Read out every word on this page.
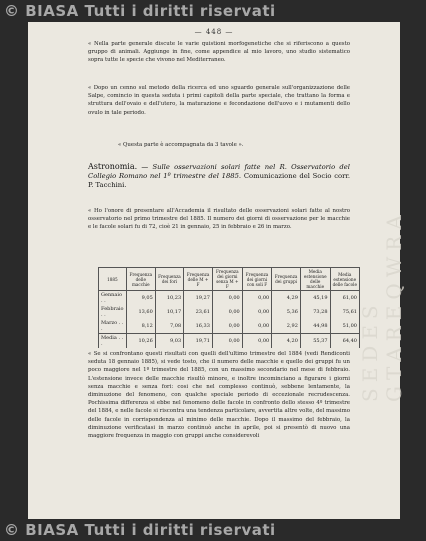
© BIASA Tutti i diritti riservati
SEDES GTAREQWRA
— 448 —
« Nella parte generale discute le varie quistioni morfogenetiche che si riferiscono a questo gruppo di animali. Aggiunge in fine, come appendice al mio lavoro, uno studio sistematico sopra tutte le specie che vivono nel Mediterraneo.
« Dopo un cenno sul metodo della ricerca ed uno sguardo generale sull'organizzazione delle Salpe, comincio in questa seduta i primi capitoli della parte speciale, che trattano la forma e struttura dell'ovaio e dell'utero, la maturazione e fecondazione dell'uovo e i mutamenti dello ovulo in tale periodo.
« Questa parte è accompagnata da 3 tavole ».
Astronomia. — Sulle osservazioni solari fatte nel R. Osservatorio del Collegio Romano nel 1º trimestre del 1885. Comunicazione del Socio corr. P. Tacchini.
« Ho l'onore di presentare all'Accademia il risultato delle osservazioni solari fatte al nostro osservatorio nel primo trimestre del 1885. Il numero dei giorni di osservazione per le macchie e le facole solari fu di 72, cioè 21 in gennaio, 25 in febbraio e 26 in marzo.
1885	Frequenza delle macchie	Frequenza dei fori	Frequenza delle M + F	Frequenza dei giorni senza M + F	Frequenza dei giorni con soli F	Frequenza dei gruppi	Media estensione delle macchie	Media estensione delle facole
Gennaio . .	9,05	10,23	19,27	0,00	0,00	4,29	45,19	61,00
Febbraio . .	13,60	10,17	23,61	0,00	0,00	5,36	73,28	75,61
Marzo . . .	8,12	7,08	16,33	0,00	0,00	2,92	44,98	51,00
Media . . .	10,26	9,03	19,71	0,00	0,00	4,20	55,37	64,40
« Se si confrontano questi risultati con quelli dell'ultimo trimestre del 1884 (vedi Rendiconti seduta 18 gennaio 1885), si vede tosto, che il numero delle macchie e quello dei gruppi fu un poco maggiore nel 1º trimestre del 1885, con un massimo secondario nel mese di febbraio. L'estensione invece delle macchie risultò minore, e inoltre incominciano a figurare i giorni senza macchie e senza fori: cosi che nel complesso continuò, sebbene lentamente, la diminuzione del fenomeno, con qualche speciale periodo di eccezionale recrudescenza. Pochissima differenza si ebbe nel fenomeno delle facole in confronto dello stesso 4º trimestre del 1884, e nelle facole si riscontra una tendenza particolare, avvertita altre volte, del massimo delle facole in corrispondenza al minimo delle macchie. Dopo il massimo del febbraio, la diminuzione verificatasi in marzo continuò anche in aprile, poi si presentò di nuovo una maggiore frequenza in maggio con gruppi anche considerevoli
© BIASA Tutti i diritti riservati
